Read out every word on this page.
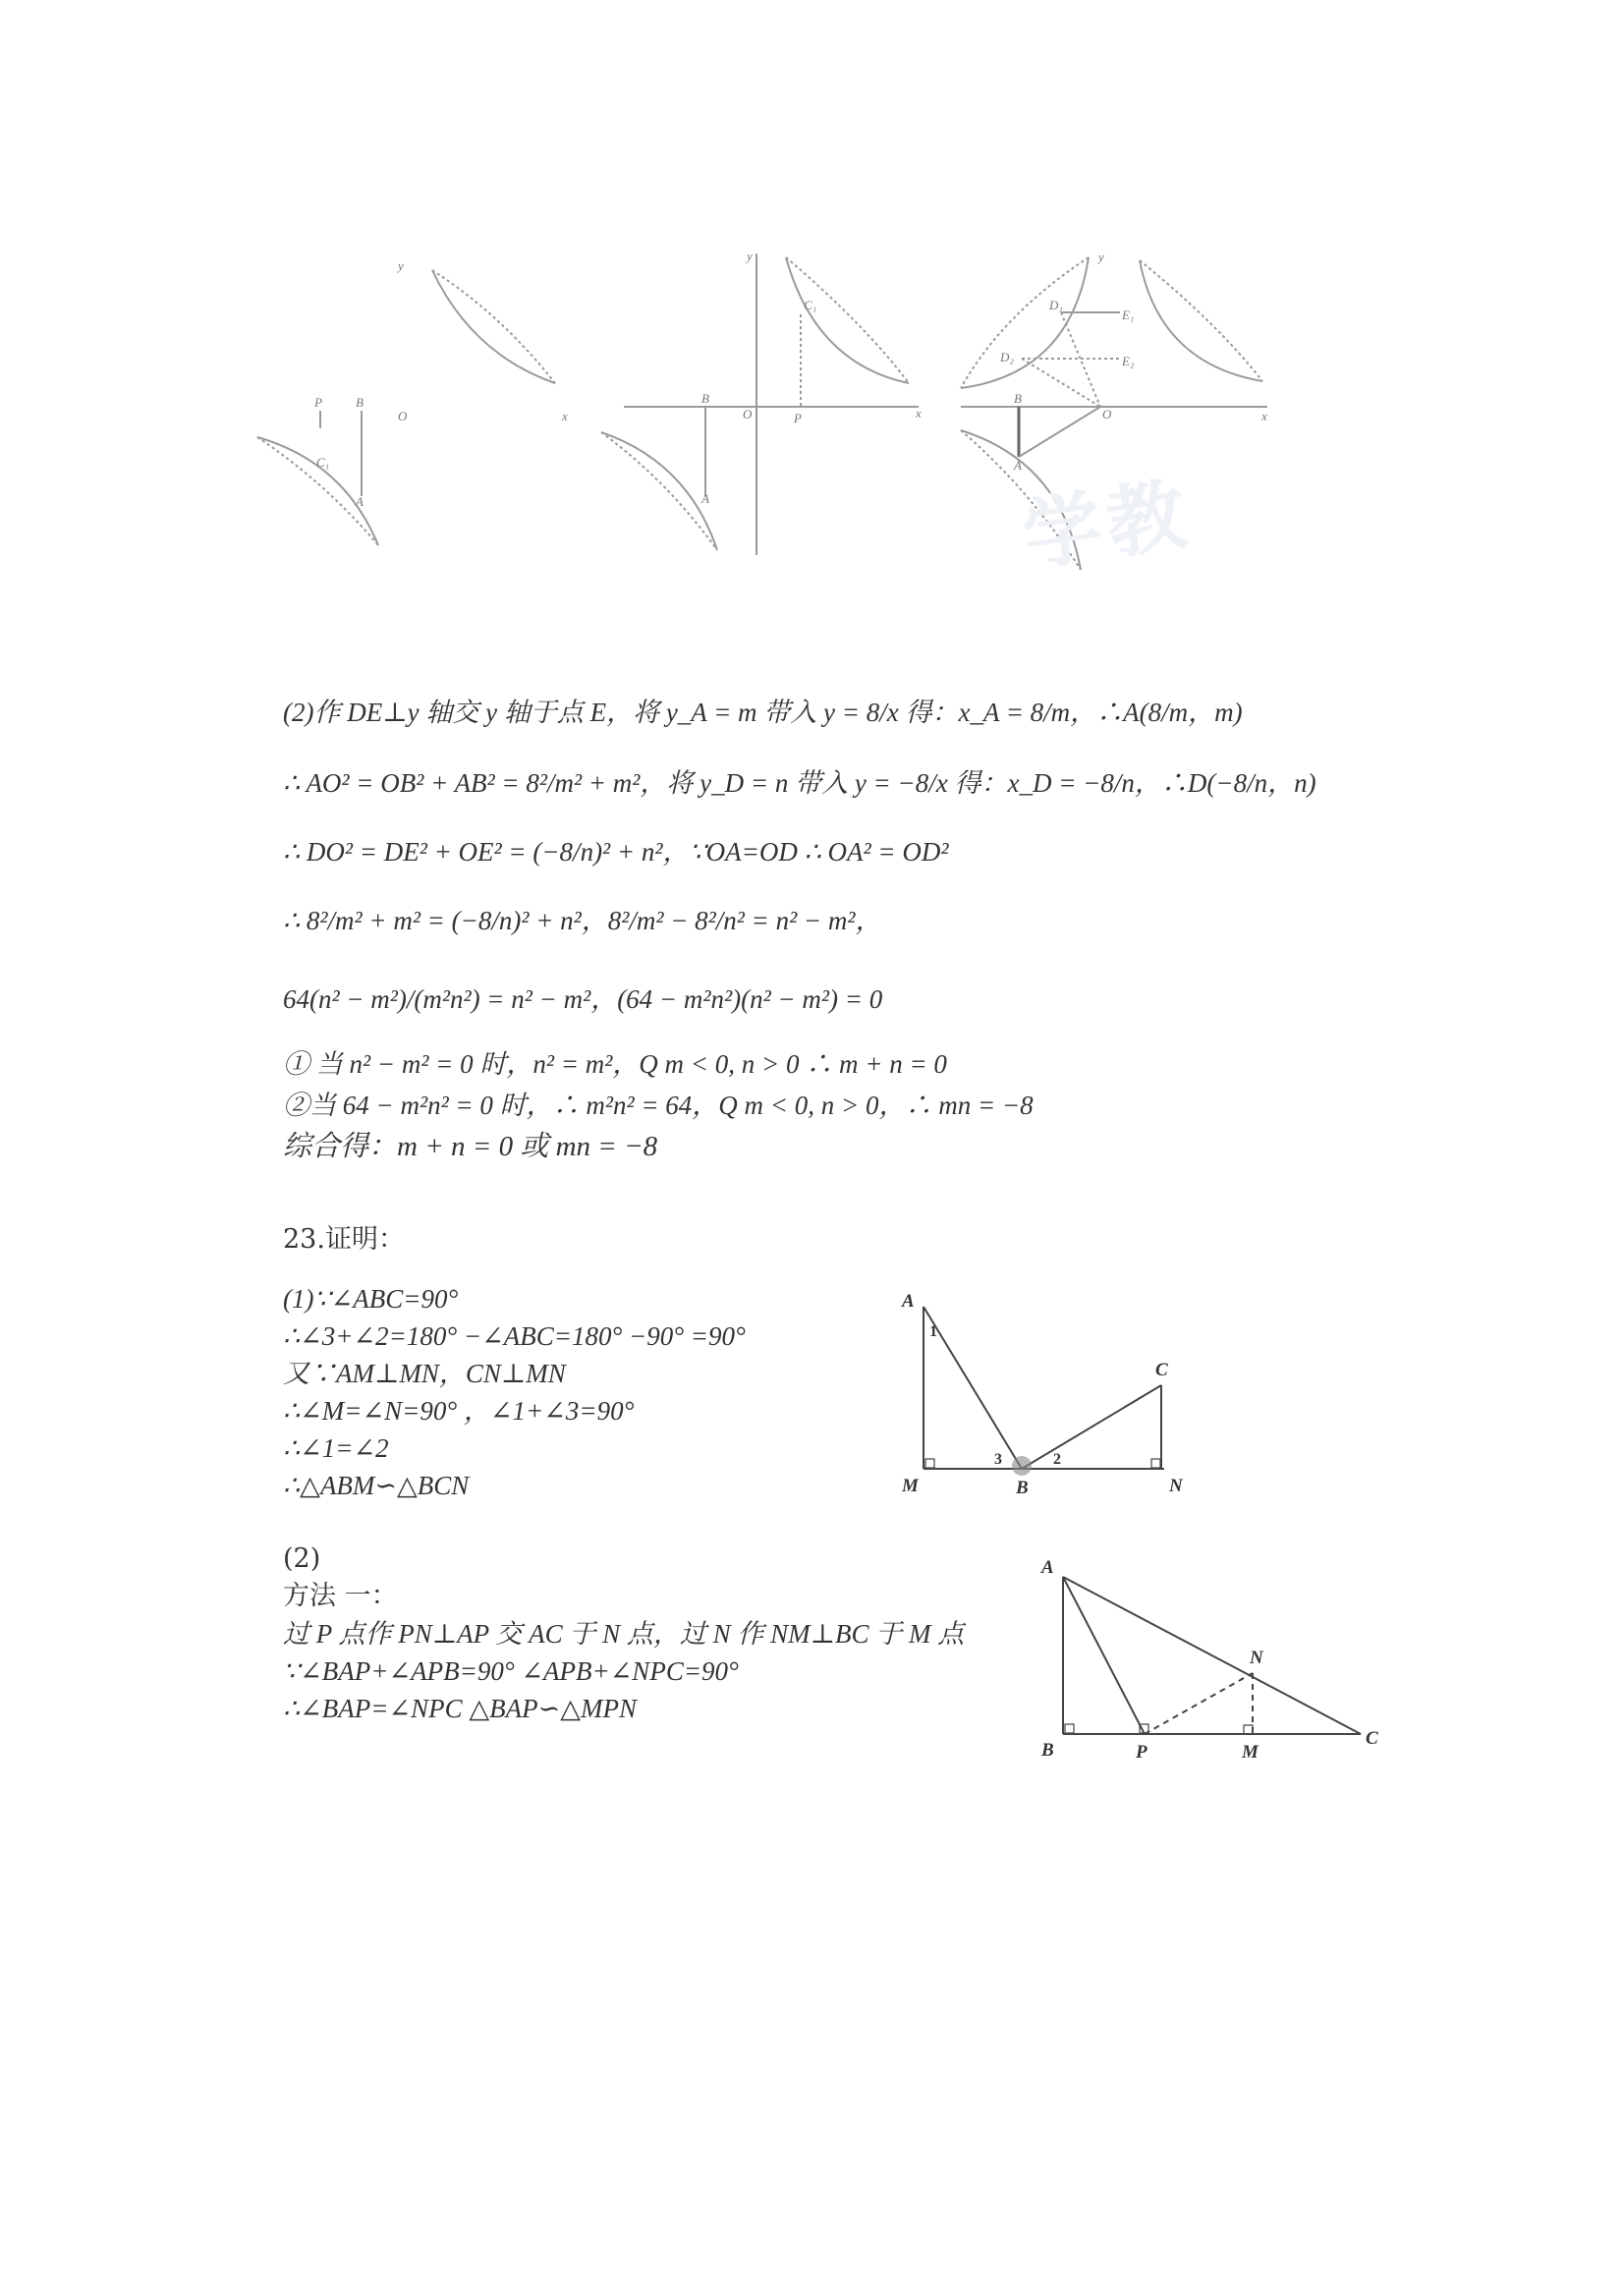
y
x
P	B
O
C₁
A
y
x
C₁
B
O	P
A
y
x
D₁
E₁
D₂	E₂
B
O
A
学教
(2)作 DE⊥y 轴交 y 轴于点 E，将 y_A = m 带入 y = 8/x 得：x_A = 8/m，∴A(8/m，m)
∴ AO² = OB² + AB² = 8²/m² + m²，将 y_D = n 带入 y = −8/x 得：x_D = −8/n，∴D(−8/n，n)
∴ DO² = DE² + OE² = (−8/n)² + n²，∵OA=OD ∴ OA² = OD²
∴ 8²/m² + m² = (−8/n)² + n²，8²/m² − 8²/n² = n² − m²，
64(n² − m²)/(m²n²) = n² − m²，(64 − m²n²)(n² − m²) = 0
① 当 n² − m² = 0 时，n² = m²，Q m < 0, n > 0 ∴ m + n = 0
②当 64 − m²n² = 0 时，∴ m²n² = 64，Q m < 0, n > 0，∴ mn = −8
综合得：m + n = 0 或 mn = −8
23.证明：
(1)∵∠ABC=90°
∴∠3+∠2=180° −∠ABC=180° −90° =90°
又∵AM⊥MN，CN⊥MN
∴∠M=∠N=90° ，∠1+∠3=90°
∴∠1=∠2
∴△ABM∽△BCN
A
1
C
M
3
B
2
N
(2)
方法 一：
过 P 点作 PN⊥AP 交 AC 于 N 点，过 N 作 NM⊥BC 于 M 点
∵∠BAP+∠APB=90° ∠APB+∠NPC=90°
∴∠BAP=∠NPC △BAP∽△MPN
A
N
B	P	M
C
